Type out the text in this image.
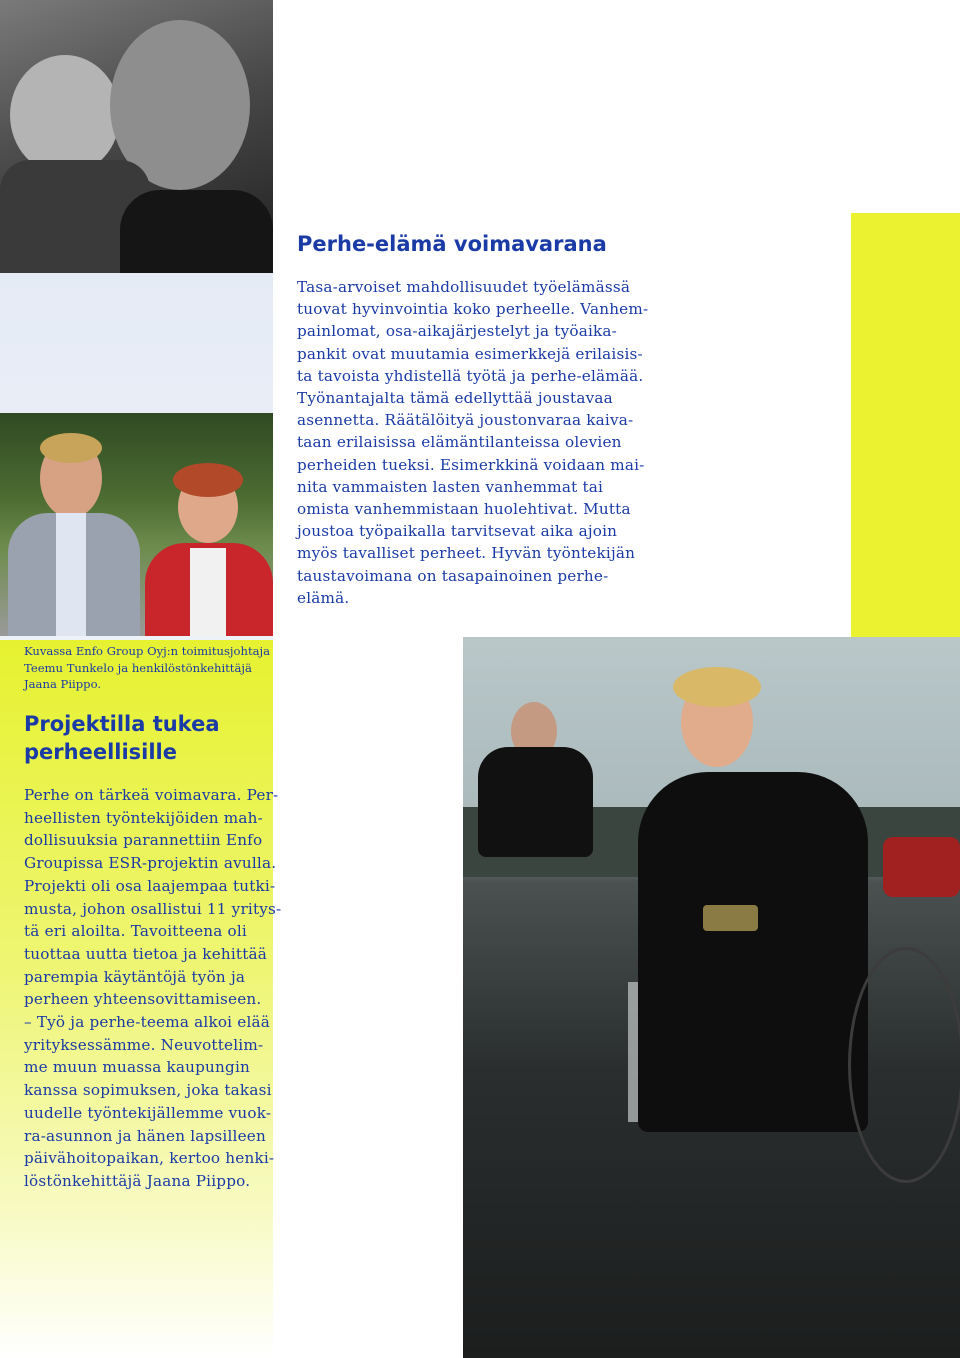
Perhe-elämä voimavarana

Tasa-arvoiset mahdollisuudet työelämässä
tuovat hyvinvointia koko perheelle. Vanhem-
painlomat, osa-aikajärjestelyt ja työaika-
pankit ovat muutamia esimerkkejä erilaisis-
ta tavoista yhdistellä työtä ja perhe-elämää.
Työnantajalta tämä edellyttää joustavaa
asennetta. Räätälöityä joustonvaraa kaiva-
taan erilaisissa elämäntilanteissa olevien
perheiden tueksi. Esimerkkinä voidaan mai-
nita vammaisten lasten vanhemmat tai
omista vanhemmistaan huolehtivat. Mutta
joustoa työpaikalla tarvitsevat aika ajoin
myös tavalliset perheet. Hyvän työntekijän
taustavoimana on tasapainoinen perhe-
elämä.

Kuvassa Enfo Group Oyj:n toimitusjohtaja
Teemu Tunkelo ja henkilöstönkehittäjä
Jaana Piippo.

Projektilla tukea
perheellisille

Perhe on tärkeä voimavara. Per-
heellisten työntekijöiden mah-
dollisuuksia parannettiin Enfo
Groupissa ESR-projektin avulla.
Projekti oli osa laajempaa tutki-
musta, johon osallistui 11 yritys-
tä eri aloilta. Tavoitteena oli
tuottaa uutta tietoa ja kehittää
parempia käytäntöjä työn ja
perheen yhteensovittamiseen.
– Työ ja perhe-teema alkoi elää
yrityksessämme. Neuvottelim-
me muun muassa kaupungin
kanssa sopimuksen, joka takasi
uudelle työntekijällemme vuok-
ra-asunnon ja hänen lapsilleen
päivähoitopaikan, kertoo henki-
löstönkehittäjä Jaana Piippo.
